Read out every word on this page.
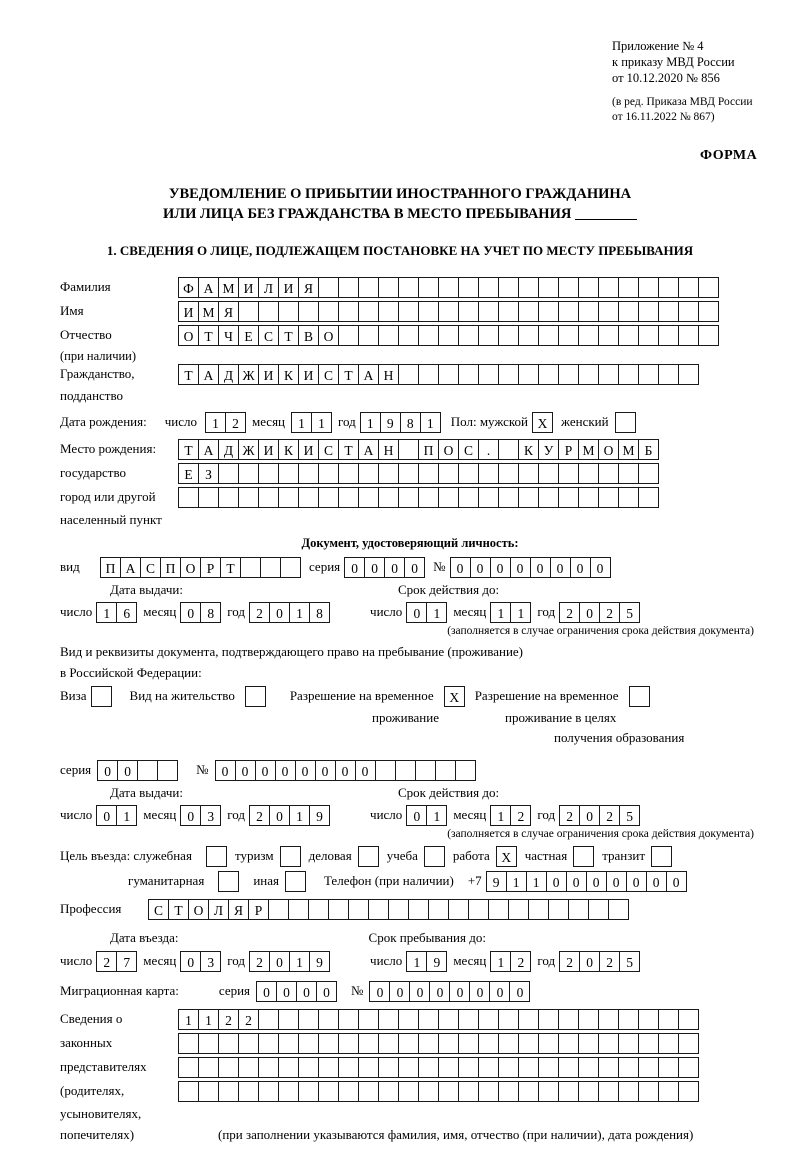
Приложение № 4
к приказу МВД России
от 10.12.2020 № 856
(в ред. Приказа МВД России
от 16.11.2022 № 867)
ФОРМА
УВЕДОМЛЕНИЕ О ПРИБЫТИИ ИНОСТРАННОГО ГРАЖДАНИНА
ИЛИ ЛИЦА БЕЗ ГРАЖДАНСТВА В МЕСТО ПРЕБЫВАНИЯ
1. СВЕДЕНИЯ О ЛИЦЕ, ПОДЛЕЖАЩЕМ ПОСТАНОВКЕ НА УЧЕТ ПО МЕСТУ ПРЕБЫВАНИЯ
Фамилия	Ф А М И Л И Я
Имя	И М Я
Отчество	О Т Ч Е С Т В О
(при наличии)
Гражданство,	Т А Д Ж И К И С Т А Н
подданство
Дата рождения: число	1 2	месяц 1 1	год 1 9 8 1	Пол: мужской X	женский
Место рождения:	Т А Д Ж И К И С Т А Н	П О С	.	К У Р М О М Б
государство	Е З
город или другой
населенный пункт
Документ, удостоверяющий личность:
вид	П А С П О Р Т	серия 0 0 0 0	№ 0 0 0 0 0 0 0 0
Дата выдачи:	Срок действия до:
число 1 6	месяц 0 8	год 2 0 1 8	число 0 1	месяц 1 1	год 2 0 2 5
(заполняется в случае ограничения срока действия документа)
Вид и реквизиты документа, подтверждающего право на пребывание (проживание)
в Российской Федерации:
Виза	Вид на жительство	Разрешение на временное	X	Разрешение на временное
проживание	проживание в целях
получения образования
серия 0 0	№ 0 0 0 0 0 0 0 0
Дата выдачи:	Срок действия до:
число 0 1	месяц 0 3	год 2 0 1 9	число 0 1	месяц 1 2	год 2 0 2 5
(заполняется в случае ограничения срока действия документа)
Цель въезда: служебная	туризм	деловая	учеба	работа X	частная	транзит
гуманитарная	иная	Телефон (при наличии) +7 9 1 1 0 0 0 0 0 0 0
Профессия	С Т О Л Я Р
Дата въезда:	Срок пребывания до:
число 2 7	месяц 0 3	год 2 0 1 9	число 1 9	месяц 1 2	год 2 0 2 5
Миграционная карта:	серия 0 0 0 0	№ 0 0 0 0 0 0 0 0
Сведения о	1 1 2 2
законных
представителях
(родителях,
усыновителях,
попечителях)	(при заполнении указываются фамилия, имя, отчество (при наличии), дата рождения)
